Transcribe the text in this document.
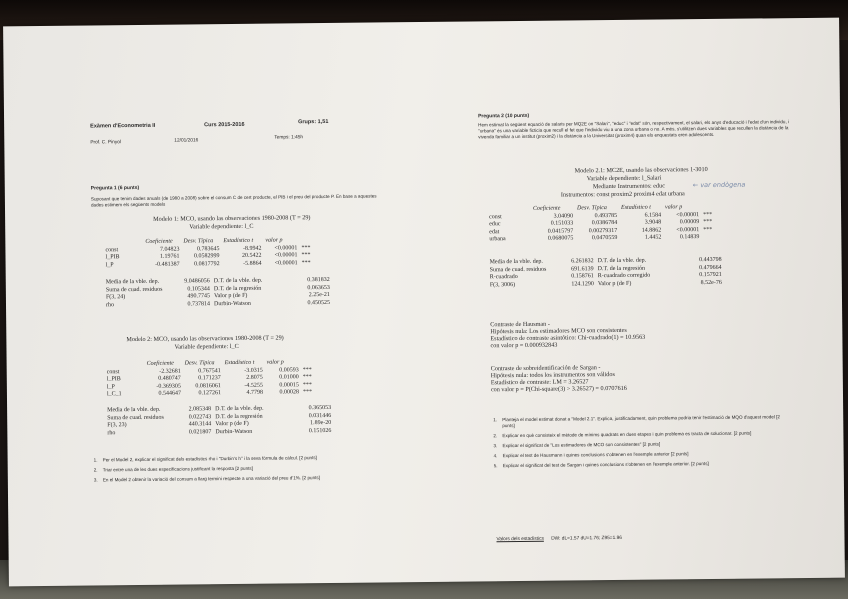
Exàmen d'Econometria II	Curs 2015-2016	Grups: 1,51
Prof. C. Pinyol	12/01/2016
Temps: 1:45h
Pregunta 1 (6 punts)
Suposant que tenim dades anuals (de 1980 a 2008) sobre el consum C de cert producte, el PIB i el preu del producte P. En base a aquestes dades estimem els següents models
Modelo 1: MCO, usando las observaciones 1980-2008 (T = 29)
Variable dependiente: l_C
	Coeficiente	Desv. Típica	Estadístico t	valor p	
const	7.04823	0.783645	-8.9942	<0.00001	***
l_PIB	1.19761	0.0582999	20.5422	<0.00001	***
l_P	-0.481387	0.0817792	-5.8864	<0.00001	***
Media de la vble. dep.	9.0486056	D.T. de la vble. dep.	0.381832
Suma de cuad. residuos	0.105344	D.T. de la regresión	0.063653
F(3, 24)	490.7745	Valor p (de F)	2.25e-21
rho	0.737814	Durbin-Watson	0.450525
Modelo 2: MCO, usando las observaciones 1980-2008 (T = 29)
Variable dependiente: l_C
	Coeficiente	Desv. Típica	Estadístico t	valor p	
const	-2.32681	0.767541	-3.0315	0.00593	***
l_PIB	0.480747	0.171237	2.8075	0.01000	***
l_P	-0.369305	0.0816061	-4.5255	0.00015	***
l_C_1	0.544647	0.127261	4.7798	0.00028	***
Media de la vble. dep.	2.085348	D.T. de la vble. dep.	0.365053
Suma de cuad. residuos	0.022743	D.T. de la regresión	0.031446
F(3, 23)	440.3144	Valor p (de F)	1.89e-20
rho	0.021807	Durbin-Watson	0.151026
1.	Per el Model 2, explicar el significat dels estadístics rho i "Durbin's h" i la seva fórmula de càlcul. [2 punts]
2.	Triar entre una de les dues especificacions justificant la resposta [2 punts]
3.	En el Model 2 obtenir la variació del consum a llarg termini respecte a una variació del preu d'1%. [2 punts]
Pregunta 2 (10 punts)
Hem estimat la següent equació de salaris per MQ2E on "Salari", "educ" i "edat" són, respectivament, el salari, els anys d'educació i l'edat d'un individu, i "urbana" és una variable ficticia que recull el fet que l'individu viu a una zona urbana o no. A més, s'utilitzen dues variables que recullen la distància de la vivenda familiar a un institut (proxim2) i la distància a la Universitat (proxim4) quan els enquestats eren adolescents.
Modelo 2.1: MC2E, usando las observaciones 1-3010
Variable dependiente: l_Salari
Mediante Instrumentos: educ	← var endògena
Instrumentos: const proxim2 proxim4 edat urbana
	Coeficiente	Desv. Típica	Estadístico t	valor p	
const	3.04090	0.493785	6.1584	<0.00001	***
educ	0.151033	0.0386784	3.9048	0.00009	***
edat	0.0415797	0.00279317	14.8862	<0.00001	***
urbana	0.0680075	0.0470559	1.4452	0.14839	
Media de la vble. dep.	6.261832	D.T. de la vble. dep.	0.443798
Suma de cuad. residuos	691.6139	D.T. de la regresión	0.479664
R-cuadrado	0.158761	R-cuadrado corregido	0.157921
F(3, 3006)	124.1290	Valor p (de F)	8.52e-76
Contraste de Hausman -
Hipótesis nula: Los estimadores MCO son consistentes
Estadístico de contraste asintótico: Chi-cuadrado(1) = 10.9563
con valor p = 0.000932843
Contraste de sobreidentificación de Sargan -
Hipótesis nula: todos los instrumentos son válidos
Estadístico de contraste: LM = 3.26527
con valor p = P(Chi-square(3) > 3.26527) = 0.0707616
1.	Planteja el model estimat donat a "Model 2.1". Explica, justificadament, quin problema podria tenir l'estimació de MQO d'aquest model [2 punts]
2.	Explicar en què consisteix el mètode de mínims quadrats en dues etapes i quin problema es tracta de solucionar. [2 punts]
3.	Explicar el significat de "Los estimadores de MCO son consistentes" [2 punts]
4.	Explicar el test de Hausmann i quines conclusions s'obtenen en l'exemple anterior [2 punts]
5.	Explicar el significat del test de Sargan i quines conclusions s'obtenen en l'exemple anterior. [2 punts]
Valors dels estadístics DW: dL=1.57 dU=1.76; Z95=1.96
